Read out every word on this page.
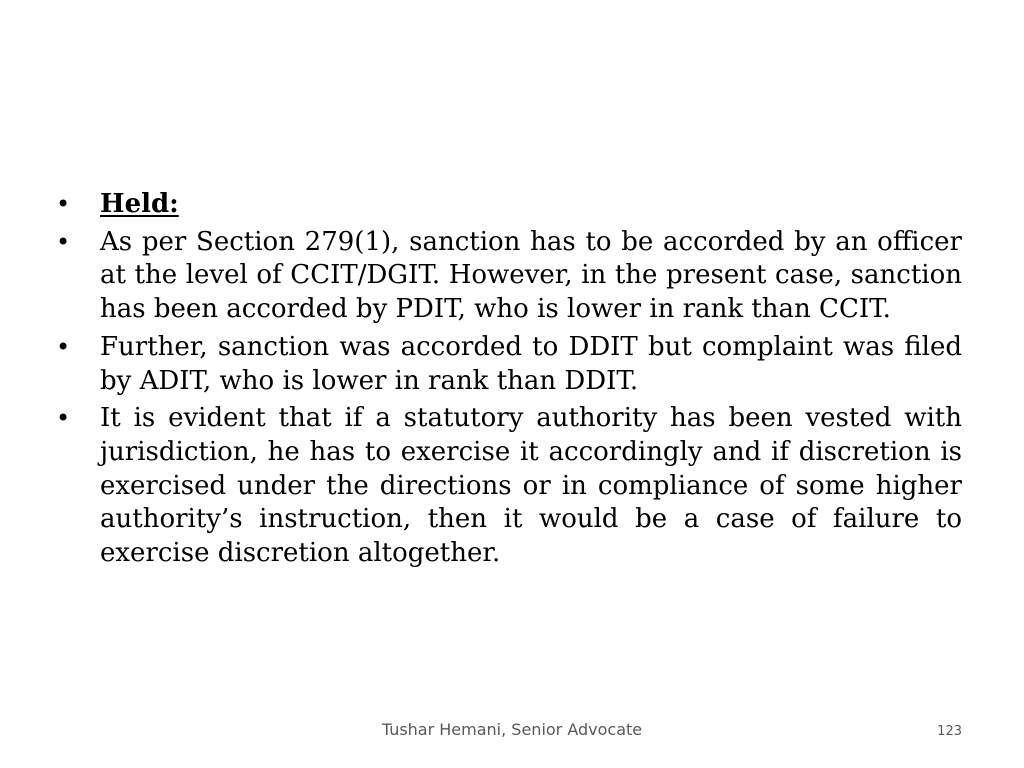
• Held:
• As per Section 279(1), sanction has to be accorded by an officer at the level of CCIT/DGIT. However, in the present case, sanction has been accorded by PDIT, who is lower in rank than CCIT.
• Further, sanction was accorded to DDIT but complaint was filed by ADIT, who is lower in rank than DDIT.
• It is evident that if a statutory authority has been vested with jurisdiction, he has to exercise it accordingly and if discretion is exercised under the directions or in compliance of some higher authority’s instruction, then it would be a case of failure to exercise discretion altogether.
Tushar Hemani, Senior Advocate	123
